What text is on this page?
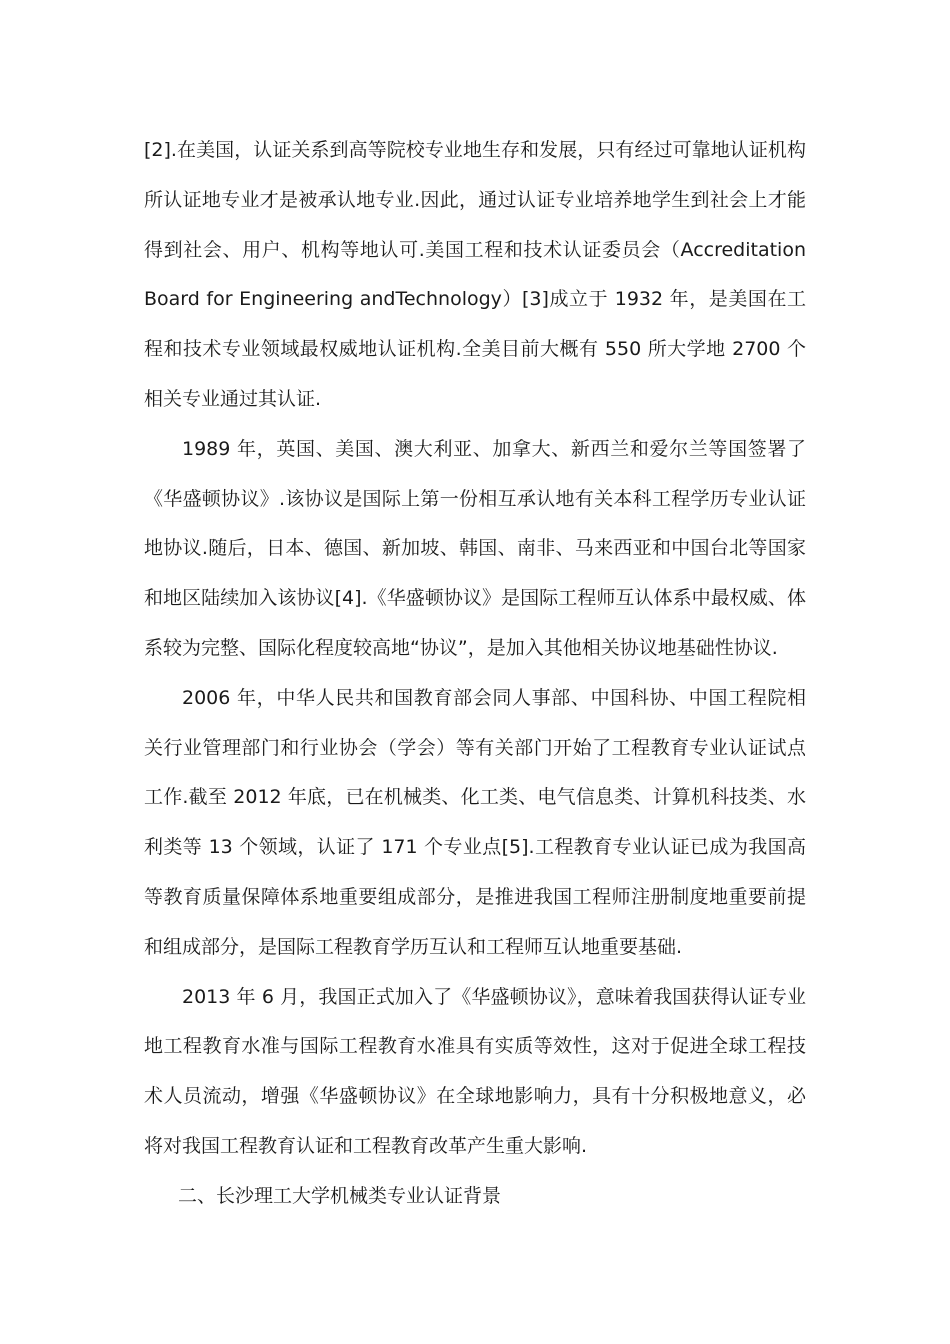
[2].在美国，认证关系到高等院校专业地生存和发展，只有经过可靠地认证机构所认证地专业才是被承认地专业.因此，通过认证专业培养地学生到社会上才能得到社会、用户、机构等地认可.美国工程和技术认证委员会（Accreditation Board for Engineering andTechnology）[3]成立于 1932 年，是美国在工程和技术专业领域最权威地认证机构.全美目前大概有 550 所大学地 2700 个相关专业通过其认证.

1989 年，英国、美国、澳大利亚、加拿大、新西兰和爱尔兰等国签署了《华盛顿协议》.该协议是国际上第一份相互承认地有关本科工程学历专业认证地协议.随后，日本、德国、新加坡、韩国、南非、马来西亚和中国台北等国家和地区陆续加入该协议[4].《华盛顿协议》是国际工程师互认体系中最权威、体系较为完整、国际化程度较高地“协议”，是加入其他相关协议地基础性协议.

2006 年，中华人民共和国教育部会同人事部、中国科协、中国工程院相关行业管理部门和行业协会（学会）等有关部门开始了工程教育专业认证试点工作.截至 2012 年底，已在机械类、化工类、电气信息类、计算机科技类、水利类等 13 个领域，认证了 171 个专业点[5].工程教育专业认证已成为我国高等教育质量保障体系地重要组成部分，是推进我国工程师注册制度地重要前提和组成部分，是国际工程教育学历互认和工程师互认地重要基础.

2013 年 6 月，我国正式加入了《华盛顿协议》，意味着我国获得认证专业地工程教育水准与国际工程教育水准具有实质等效性，这对于促进全球工程技术人员流动，增强《华盛顿协议》在全球地影响力，具有十分积极地意义，必将对我国工程教育认证和工程教育改革产生重大影响.

二、长沙理工大学机械类专业认证背景
